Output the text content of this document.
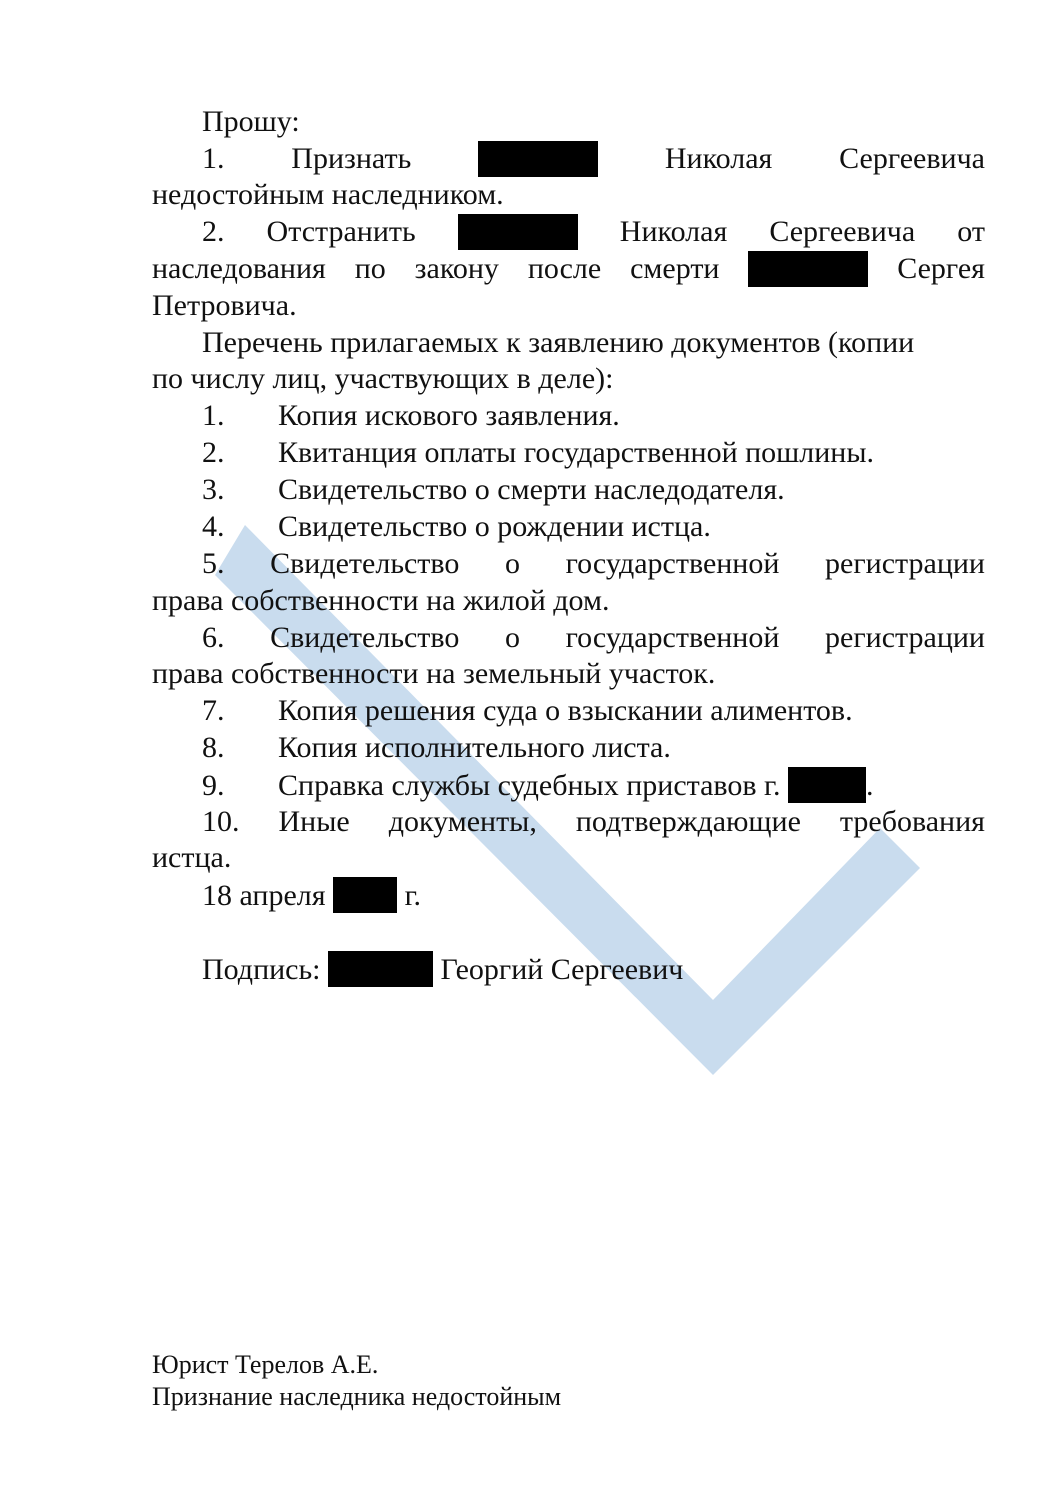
Прошу:
1. Признать	Николая Сергеевича
недостойным наследником.
2. Отстранить	Николая Сергеевича от
наследования по закону после смерти	Сергея
Петровича.
Перечень прилагаемых к заявлению документов (копии
по числу лиц, участвующих в деле):
1. Копия искового заявления.
2. Квитанция оплаты государственной пошлины.
3. Свидетельство о смерти наследодателя.
4. Свидетельство о рождении истца.
5. Свидетельство о государственной регистрации
права собственности на жилой дом.
6. Свидетельство о государственной регистрации
права собственности на земельный участок.
7. Копия решения суда о взыскании алиментов.
8. Копия исполнительного листа.
9. Справка службы судебных приставов г.	.
10. Иные документы, подтверждающие требования
истца.
18 апреля	г.
Подпись:	Георгий Сергеевич
Юрист Терелов А.Е.
Признание наследника недостойным
